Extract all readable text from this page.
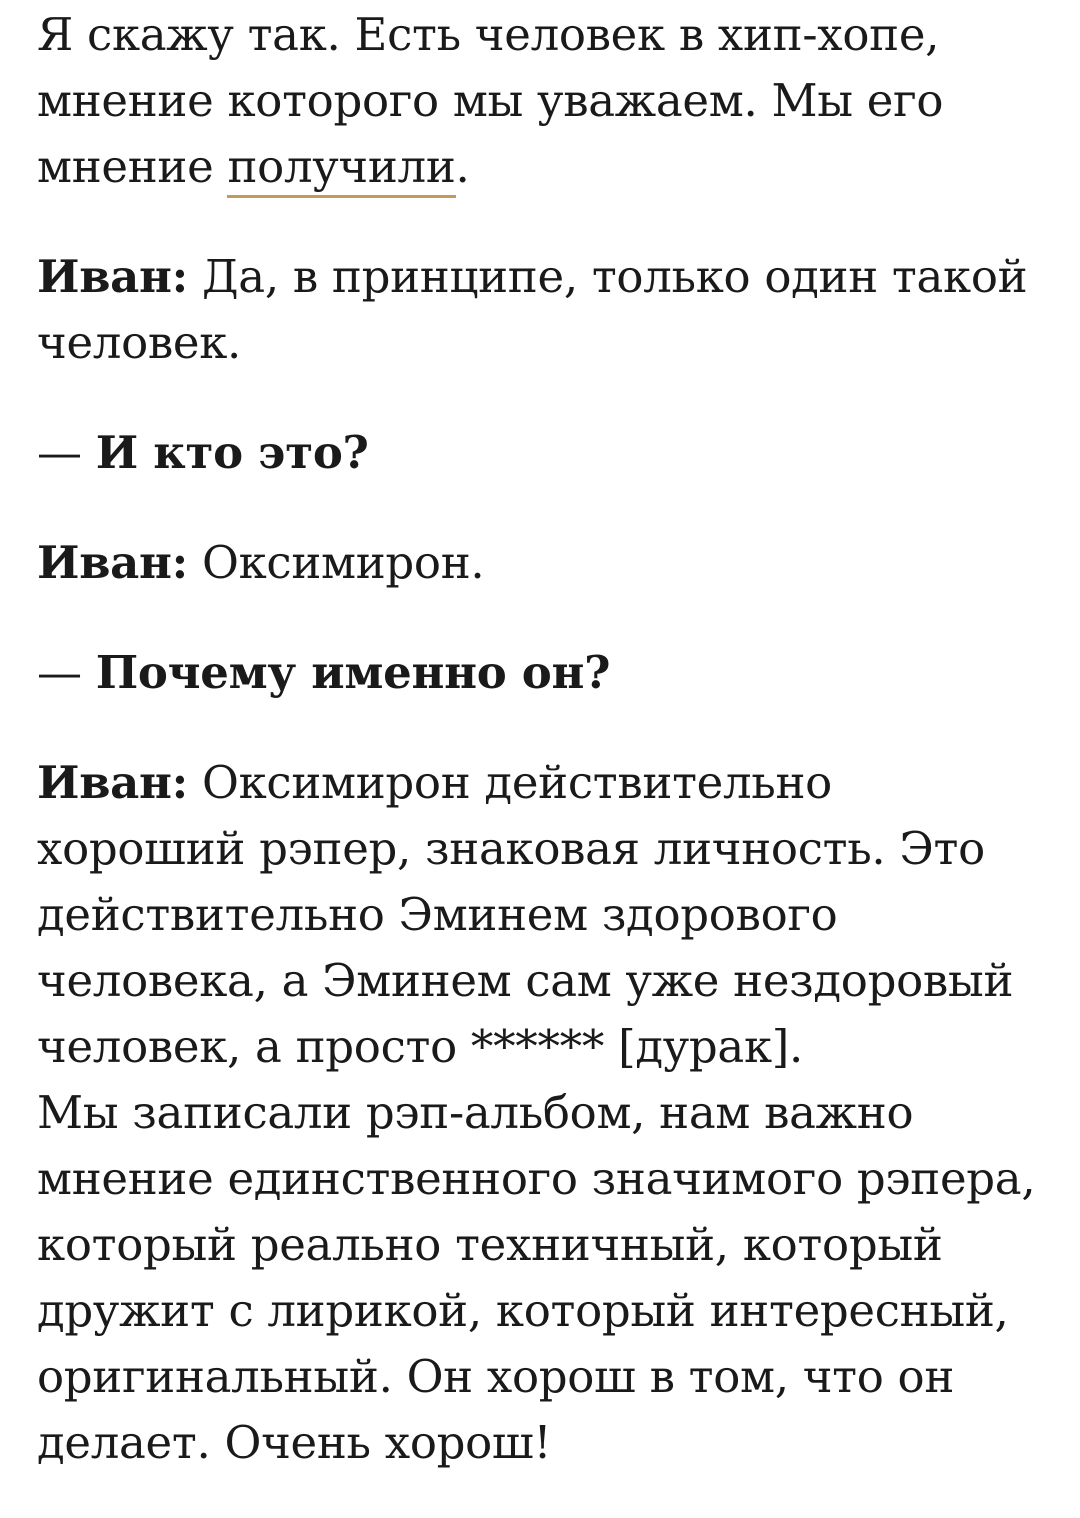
Я скажу так. Есть человек в хип-хопе, мнение которого мы уважаем. Мы его мнение получили.

Иван: Да, в принципе, только один такой человек.

— И кто это?

Иван: Оксимирон.

— Почему именно он?

Иван: Оксимирон действительно хороший рэпер, знаковая личность. Это действительно Эминем здорового человека, а Эминем сам уже нездоровый человек, а просто ****** [дурак].
Мы записали рэп-альбом, нам важно мнение единственного значимого рэпера, который реально техничный, который дружит с лирикой, который интересный, оригинальный. Он хорош в том, что он делает. Очень хорош!
